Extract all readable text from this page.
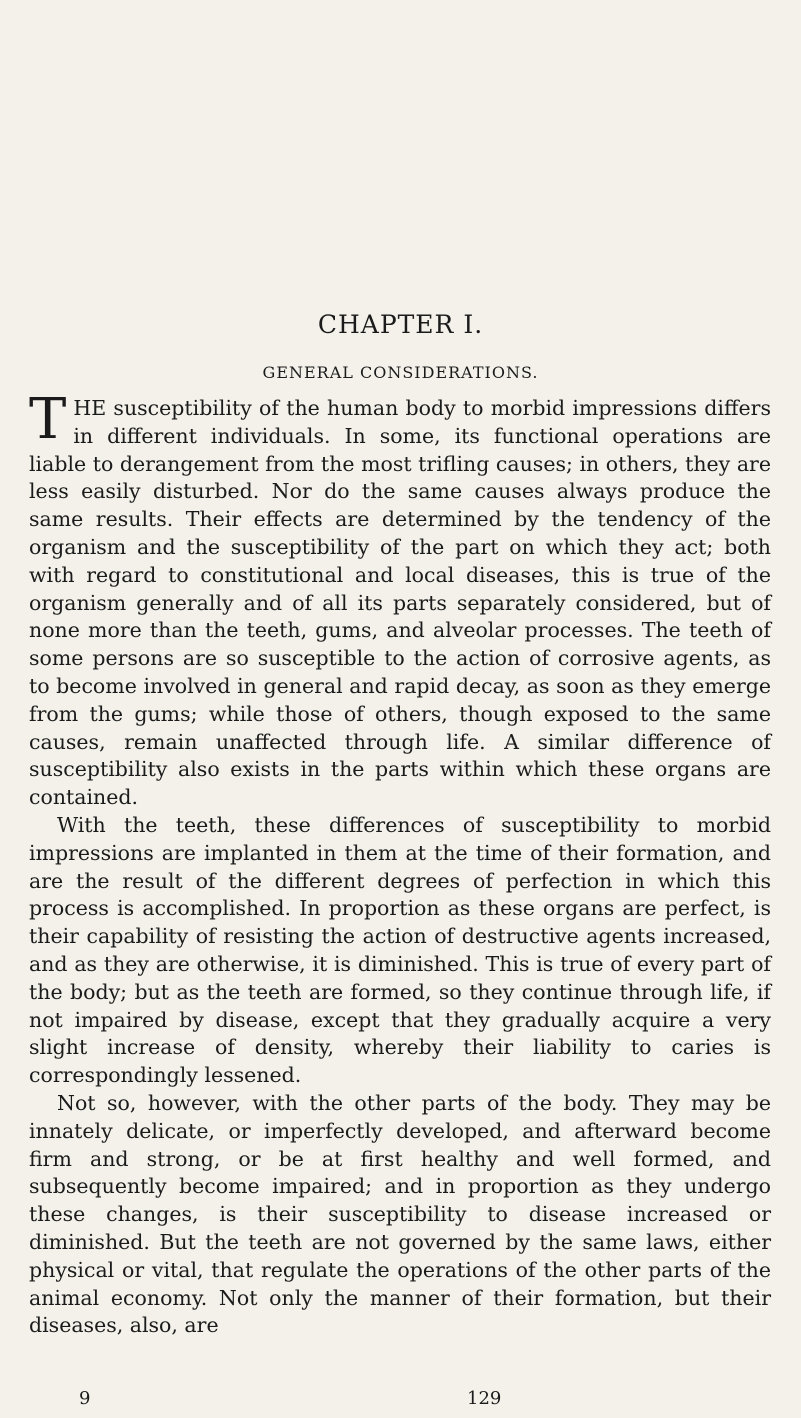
CHAPTER I.
GENERAL CONSIDERATIONS.

THE susceptibility of the human body to morbid impressions differs in different individuals. In some, its functional operations are liable to derangement from the most trifling causes; in others, they are less easily disturbed. Nor do the same causes always produce the same results. Their effects are determined by the tendency of the organism and the susceptibility of the part on which they act; both with regard to constitutional and local diseases, this is true of the organism generally and of all its parts separately considered, but of none more than the teeth, gums, and alveolar processes. The teeth of some persons are so susceptible to the action of corrosive agents, as to become involved in general and rapid decay, as soon as they emerge from the gums; while those of others, though exposed to the same causes, remain unaffected through life. A similar difference of susceptibility also exists in the parts within which these organs are contained.

With the teeth, these differences of susceptibility to morbid impressions are implanted in them at the time of their formation, and are the result of the different degrees of perfection in which this process is accomplished. In proportion as these organs are perfect, is their capability of resisting the action of destructive agents increased, and as they are otherwise, it is diminished. This is true of every part of the body; but as the teeth are formed, so they continue through life, if not impaired by disease, except that they gradually acquire a very slight increase of density, whereby their liability to caries is correspondingly lessened.

Not so, however, with the other parts of the body. They may be innately delicate, or imperfectly developed, and afterward become firm and strong, or be at first healthy and well formed, and subsequently become impaired; and in proportion as they undergo these changes, is their susceptibility to disease increased or diminished. But the teeth are not governed by the same laws, either physical or vital, that regulate the operations of the other parts of the animal economy. Not only the manner of their formation, but their diseases, also, are

9	129
